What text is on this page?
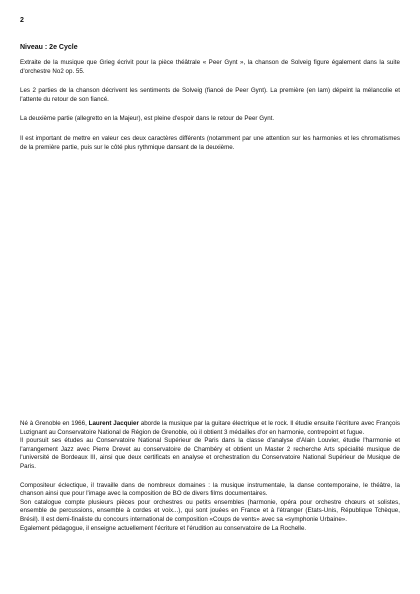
2
Niveau : 2e Cycle

Extraite de la musique que Grieg écrivit pour la pièce théâtrale « Peer Gynt », la chanson de Solveig figure également dans la suite d'orchestre No2 op. 55.

Les 2 parties de la chanson décrivent les sentiments de Solveig (fiancé de Peer Gynt). La première (en lam) dépeint la mélancolie et l'attente du retour de son fiancé.

La deuxième partie (allegretto en la Majeur), est pleine d'espoir dans le retour de Peer Gynt.

Il est important de mettre en valeur ces deux caractères différents (notamment par une attention sur les harmonies et les chromatismes de la première partie, puis sur le côté plus rythmique dansant de la deuxième.

Né à Grenoble en 1966, Laurent Jacquier aborde la musique par la guitare électrique et le rock. Il étudie ensuite l'écriture avec François Luzignant au Conservatoire National de Région de Grenoble, où il obtient 3 médailles d'or en harmonie, contrepoint et fugue.

Il poursuit ses études au Conservatoire National Supérieur de Paris dans la classe d'analyse d'Alain Louvier, étudie l'harmonie et l'arrangement Jazz avec Pierre Drevet au conservatoire de Chambéry et obtient un Master 2 recherche Arts spécialité musique de l'université de Bordeaux III, ainsi que deux certificats en analyse et orchestration du Conservatoire National Supérieur de Musique de Paris.

Compositeur éclectique, il travaille dans de nombreux domaines : la musique instrumentale, la danse contemporaine, le théâtre, la chanson ainsi que pour l'image avec la composition de BO de divers films documentaires.

Son catalogue compte plusieurs pièces pour orchestres ou petits ensembles (harmonie, opéra pour orchestre chœurs et solistes, ensemble de percussions, ensemble à cordes et voix...), qui sont jouées en France et à l'étranger (Etats-Unis, République Tchèque, Brésil). Il est demi-finaliste du concours international de composition «Coups de vents» avec sa «symphonie Urbaine».

Egalement pédagogue, il enseigne actuellement l'écriture et l'érudition au conservatoire de La Rochelle.
